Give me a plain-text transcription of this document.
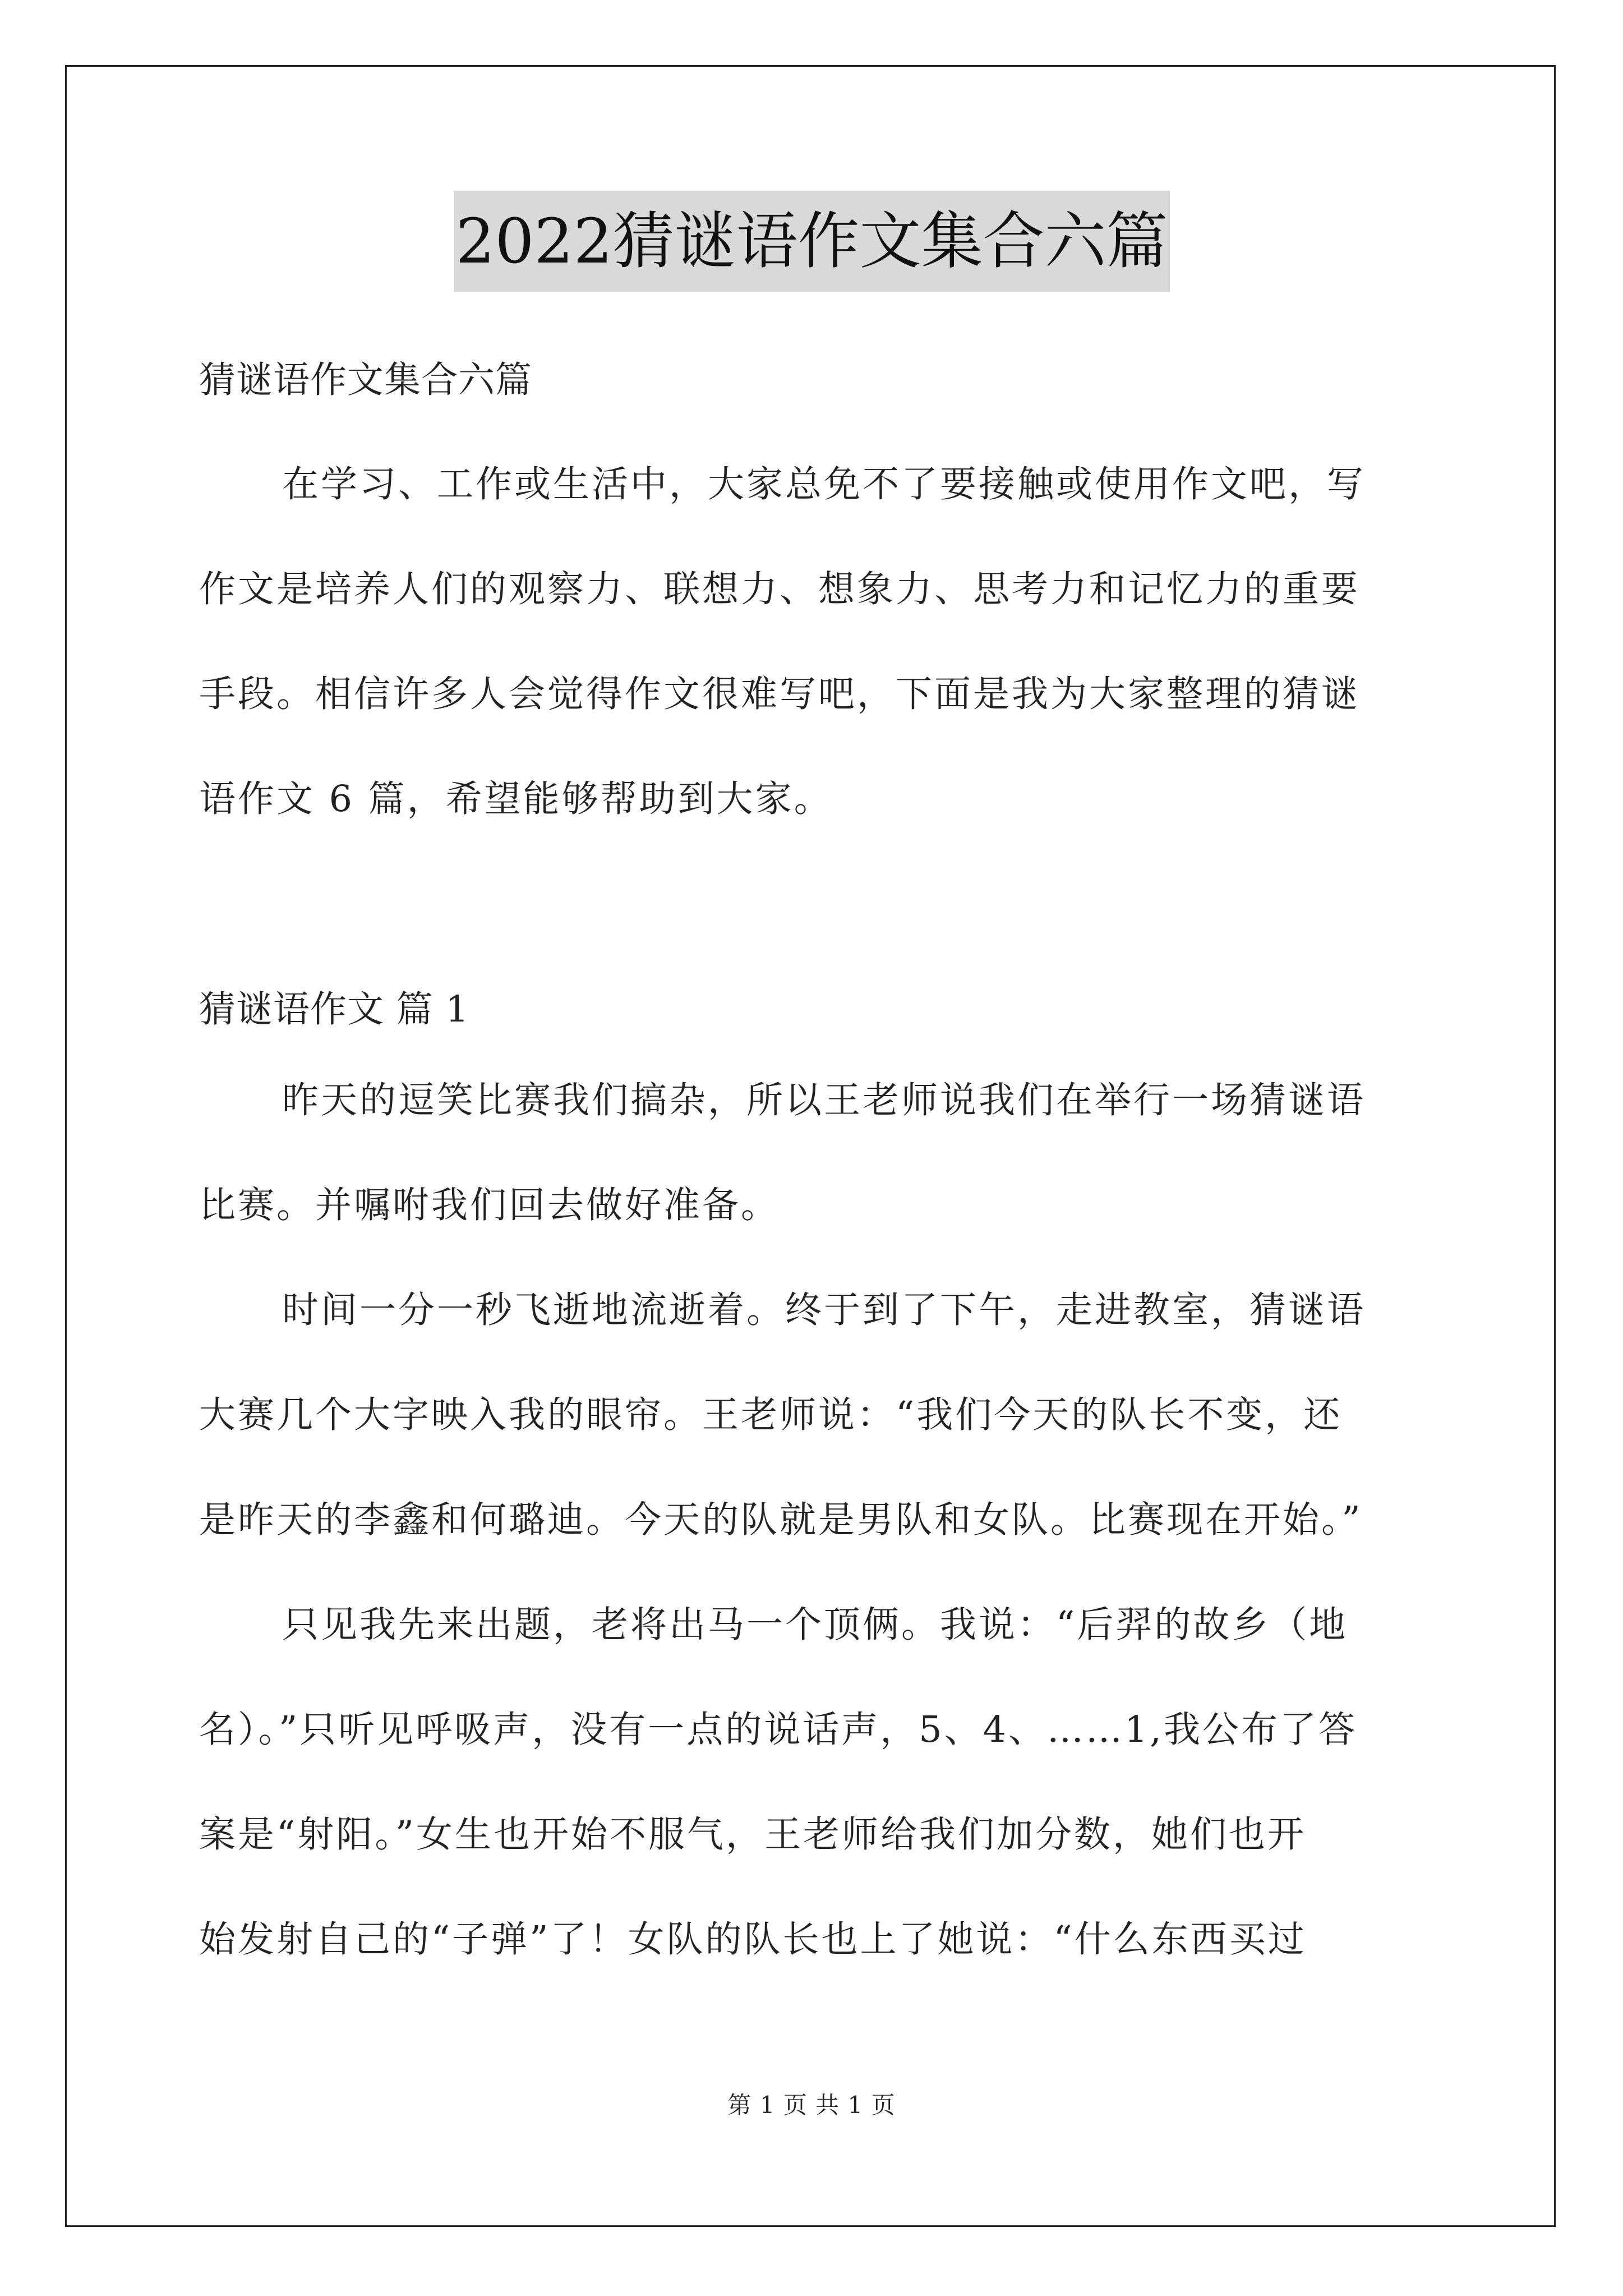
2022猜谜语作文集合六篇
猜谜语作文集合六篇
在学习、工作或生活中，大家总免不了要接触或使用作文吧，写
作文是培养人们的观察力、联想力、想象力、思考力和记忆力的重要
手段。相信许多人会觉得作文很难写吧，下面是我为大家整理的猜谜
语作文 6 篇，希望能够帮助到大家。
猜谜语作文 篇 1
昨天的逗笑比赛我们搞杂，所以王老师说我们在举行一场猜谜语
比赛。并嘱咐我们回去做好准备。
时间一分一秒飞逝地流逝着。终于到了下午，走进教室，猜谜语
大赛几个大字映入我的眼帘。王老师说：“我们今天的队长不变，还
是昨天的李鑫和何璐迪。今天的队就是男队和女队。比赛现在开始。”
只见我先来出题，老将出马一个顶俩。我说：“后羿的故乡（地
名）。”只听见呼吸声，没有一点的说话声，5、4、……1,我公布了答
案是“射阳。”女生也开始不服气，王老师给我们加分数，她们也开
始发射自己的“子弹”了！女队的队长也上了她说：“什么东西买过
第 1 页 共 1 页
